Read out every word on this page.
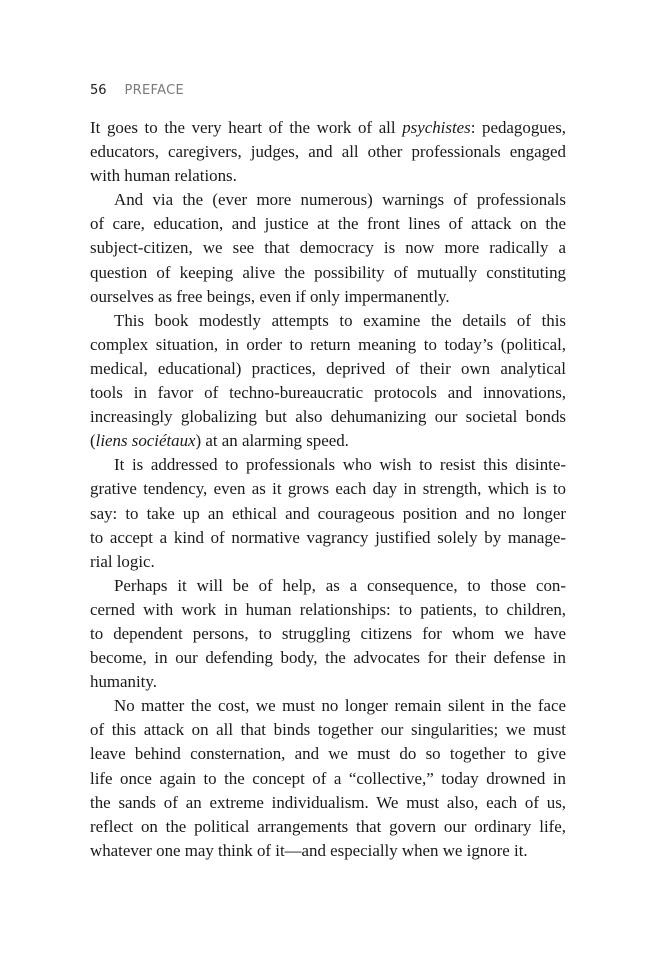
56 PREFACE
It goes to the very heart of the work of all psychistes: pedagogues,
educators, caregivers, judges, and all other professionals engaged
with human relations.
And via the (ever more numerous) warnings of professionals
of care, education, and justice at the front lines of attack on the
subject-citizen, we see that democracy is now more radically a
question of keeping alive the possibility of mutually constituting
ourselves as free beings, even if only impermanently.
This book modestly attempts to examine the details of this
complex situation, in order to return meaning to today’s (political,
medical, educational) practices, deprived of their own analytical
tools in favor of techno-bureaucratic protocols and innovations,
increasingly globalizing but also dehumanizing our societal bonds
(liens sociétaux) at an alarming speed.
It is addressed to professionals who wish to resist this disinte-
grative tendency, even as it grows each day in strength, which is to
say: to take up an ethical and courageous position and no longer
to accept a kind of normative vagrancy justified solely by manage-
rial logic.
Perhaps it will be of help, as a consequence, to those con-
cerned with work in human relationships: to patients, to children,
to dependent persons, to struggling citizens for whom we have
become, in our defending body, the advocates for their defense in
humanity.
No matter the cost, we must no longer remain silent in the face
of this attack on all that binds together our singularities; we must
leave behind consternation, and we must do so together to give
life once again to the concept of a “collective,” today drowned in
the sands of an extreme individualism. We must also, each of us,
reflect on the political arrangements that govern our ordinary life,
whatever one may think of it—and especially when we ignore it.
